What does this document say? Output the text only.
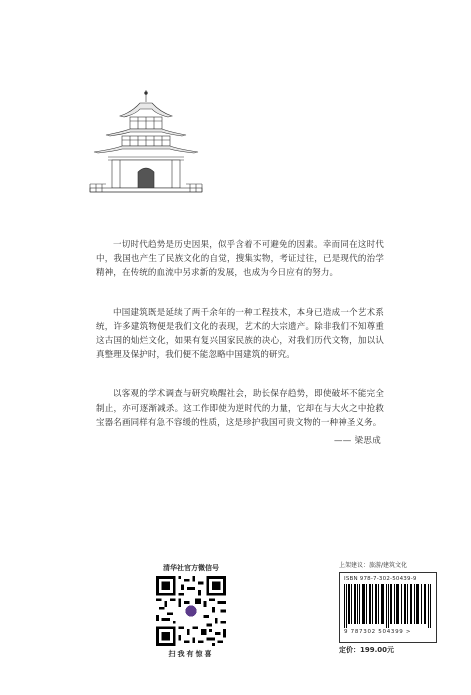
一切时代趋势是历史因果，似乎含着不可避免的因素。幸而同在这时代中，我国也产生了民族文化的自觉，搜集实物，考证过往，已是现代的治学精神，在传统的血流中另求新的发展，也成为今日应有的努力。

中国建筑既是延续了两千余年的一种工程技术，本身已造成一个艺术系统，许多建筑物便是我们文化的表现，艺术的大宗遗产。除非我们不知尊重这古国的灿烂文化，如果有复兴国家民族的决心，对我们历代文物，加以认真整理及保护时，我们便不能忽略中国建筑的研究。

以客观的学术调查与研究唤醒社会，助长保存趋势，即使破坏不能完全制止，亦可逐渐减杀。这工作即使为逆时代的力量，它却在与大火之中抢救宝器名画同样有急不容缓的性质，这是珍护我国可贵文物的一种神圣义务。

—— 梁思成
清华社官方微信号
扫我有惊喜
上架建议：旅游/建筑文化
ISBN 978-7-302-50439-9
9 787302 504399 >
定价：199.00元
